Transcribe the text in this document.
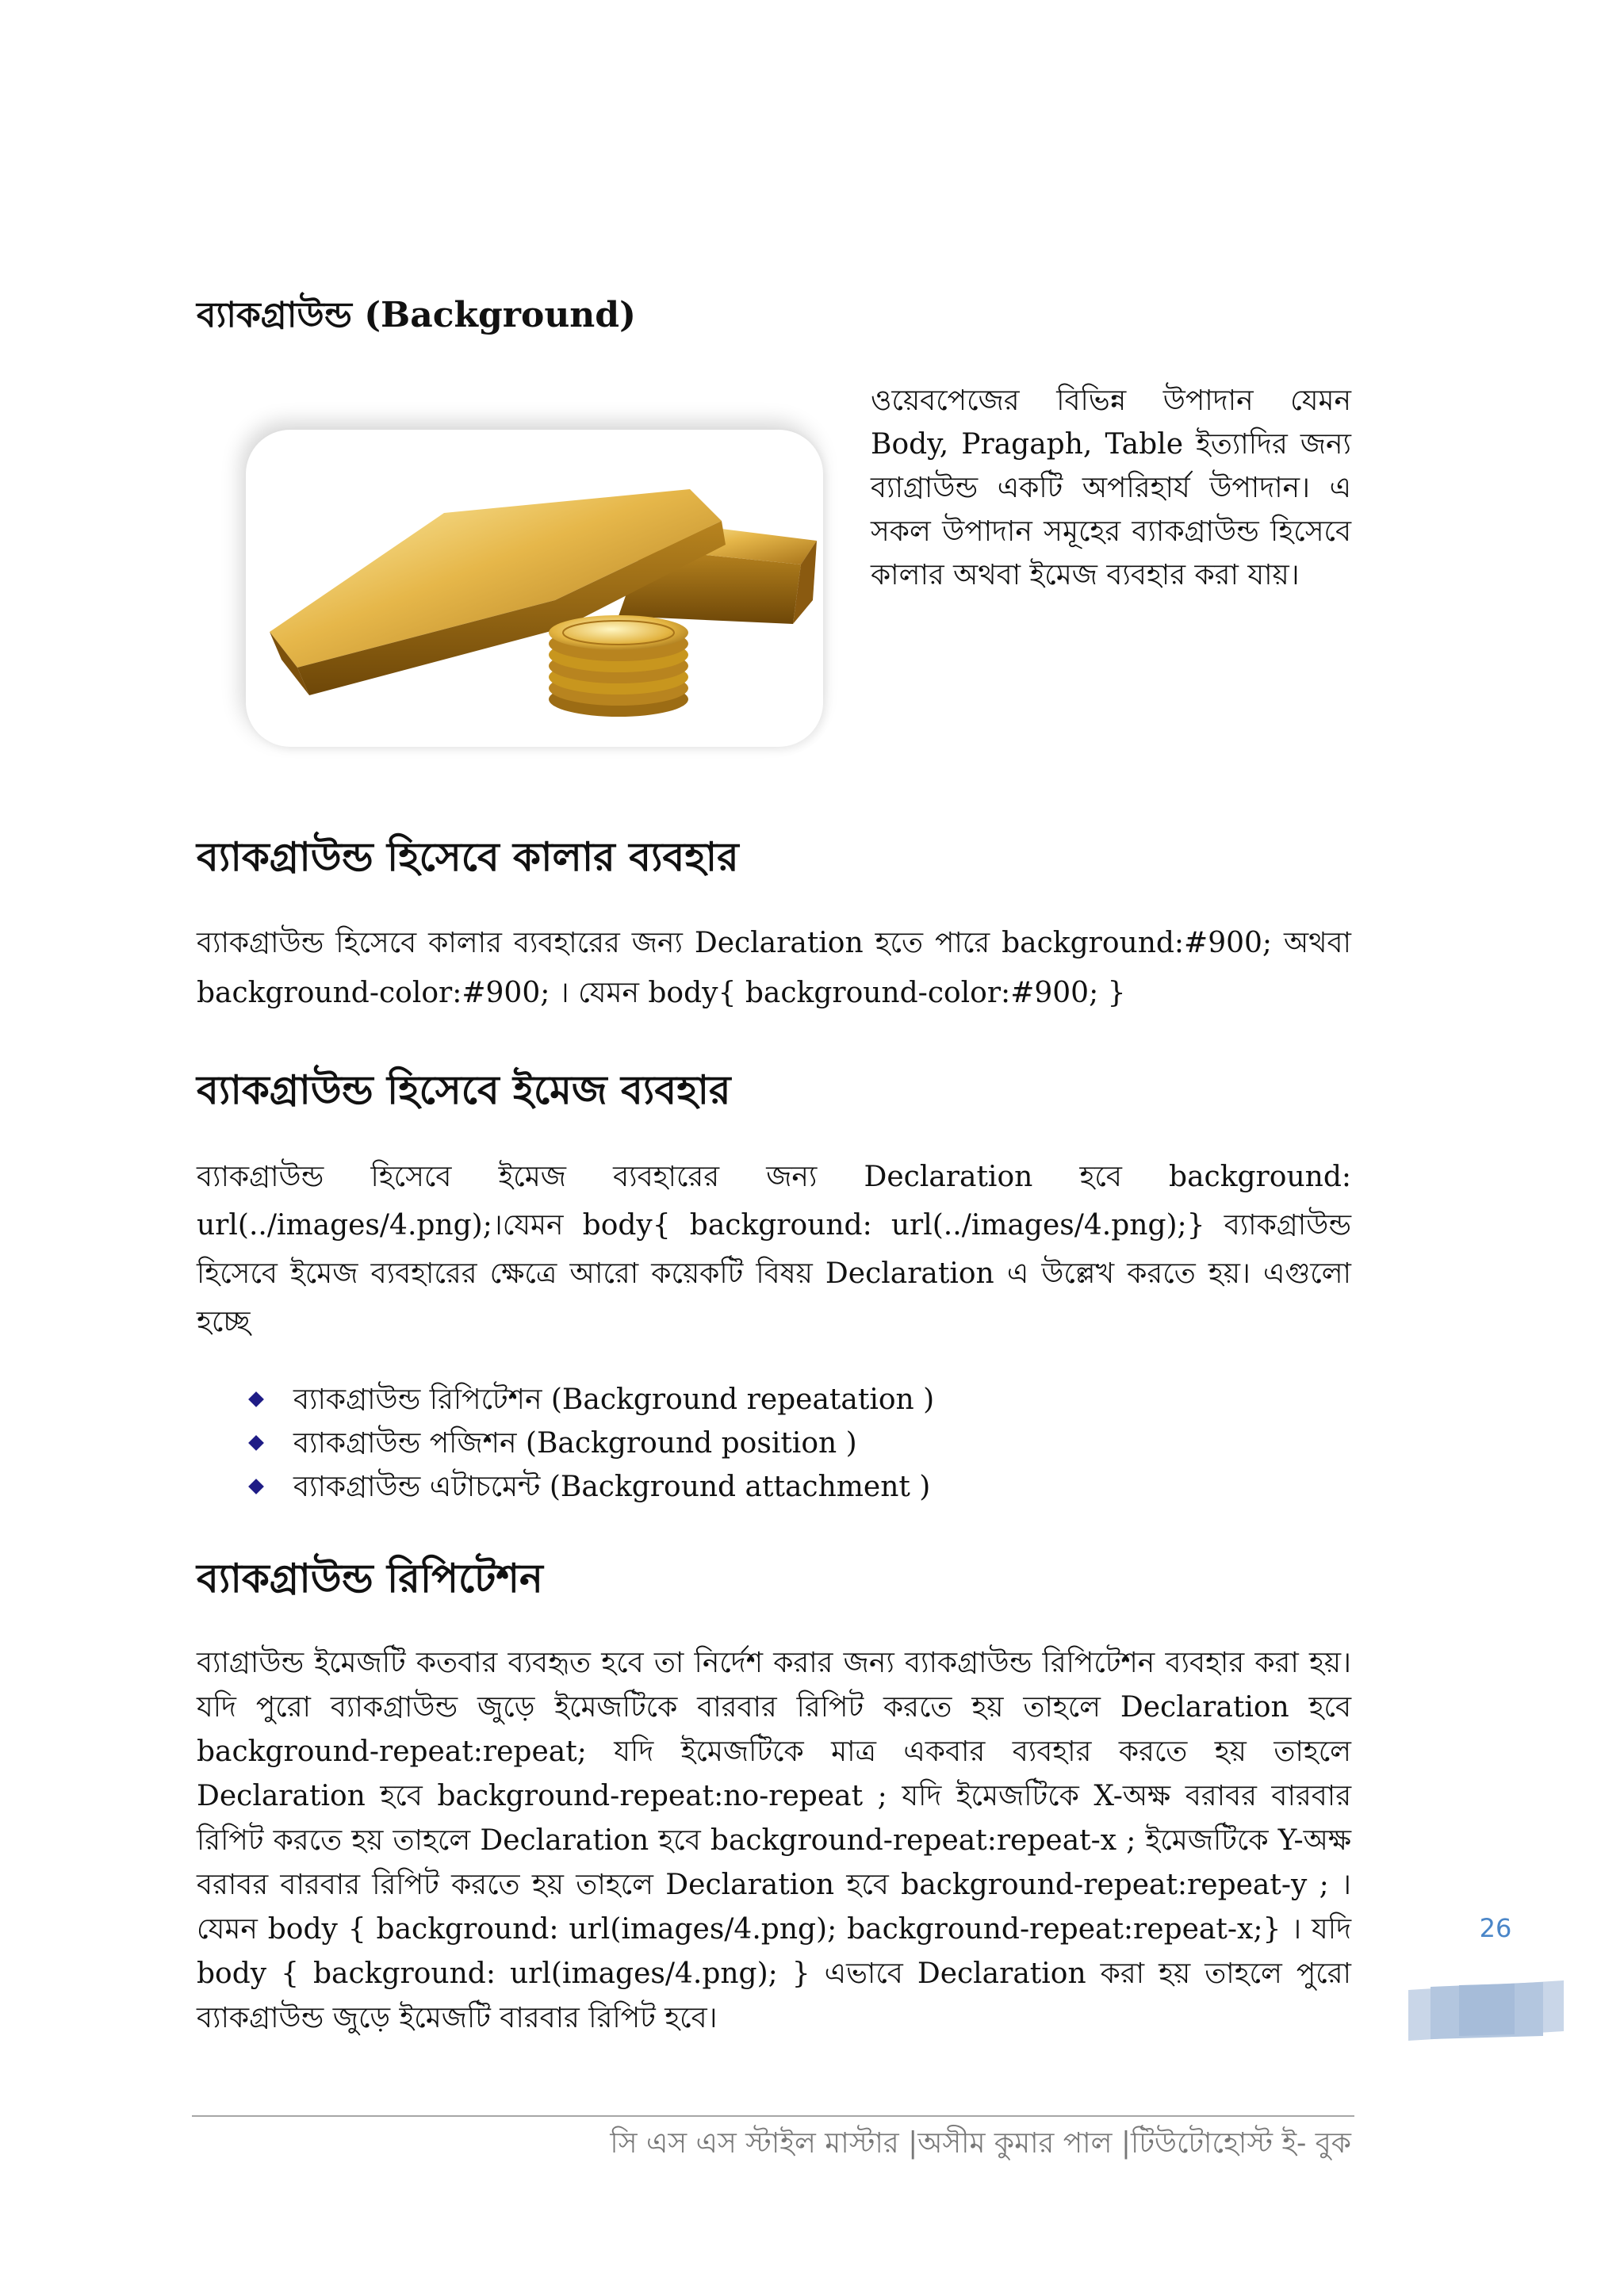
ব্যাকগ্রাউন্ড (Background)

ওয়েবপেজের বিভিন্ন উপাদান যেমন Body, Pragaph, Table ইত্যাদির জন্য ব্যাগ্রাউন্ড একটি অপরিহার্য উপাদান। এ সকল উপাদান সমূহের ব্যাকগ্রাউন্ড হিসেবে কালার অথবা ইমেজ ব্যবহার করা যায়।

ব্যাকগ্রাউন্ড হিসেবে কালার ব্যবহার

ব্যাকগ্রাউন্ড হিসেবে কালার ব্যবহারের জন্য Declaration হতে পারে background:#900; অথবা background-color:#900; । যেমন body{ background-color:#900; }

ব্যাকগ্রাউন্ড হিসেবে ইমেজ ব্যবহার

ব্যাকগ্রাউন্ড হিসেবে ইমেজ ব্যবহারের জন্য Declaration হবে background: url(../images/4.png);।যেমন body{ background: url(../images/4.png);} ব্যাকগ্রাউন্ড হিসেবে ইমেজ ব্যবহারের ক্ষেত্রে আরো কয়েকটি বিষয় Declaration এ উল্লেখ করতে হয়। এগুলো হচ্ছে

ব্যাকগ্রাউন্ড রিপিটেশন (Background repeatation )
ব্যাকগ্রাউন্ড পজিশন (Background position )
ব্যাকগ্রাউন্ড এটাচমেন্ট (Background attachment )
ব্যাকগ্রাউন্ড রিপিটেশন

ব্যাগ্রাউন্ড ইমেজটি কতবার ব্যবহৃত হবে তা নির্দেশ করার জন্য ব্যাকগ্রাউন্ড রিপিটেশন ব্যবহার করা হয়। যদি পুরো ব্যাকগ্রাউন্ড জুড়ে ইমেজটিকে বারবার রিপিট করতে হয় তাহলে Declaration হবে background-repeat:repeat; যদি ইমেজটিকে মাত্র একবার ব্যবহার করতে হয় তাহলে Declaration হবে background-repeat:no-repeat ; যদি ইমেজটিকে X-অক্ষ বরাবর বারবার রিপিট করতে হয় তাহলে Declaration হবে background-repeat:repeat-x ; ইমেজটিকে Y-অক্ষ বরাবর বারবার রিপিট করতে হয় তাহলে Declaration হবে background-repeat:repeat-y ; । যেমন body { background: url(images/4.png); background-repeat:repeat-x;} । যদি body { background: url(images/4.png); } এভাবে Declaration করা হয় তাহলে পুরো ব্যাকগ্রাউন্ড জুড়ে ইমেজটি বারবার রিপিট হবে।

26

সি এস এস স্টাইল মাস্টার |অসীম কুমার পাল |টিউটোহোস্ট ই- বুক
